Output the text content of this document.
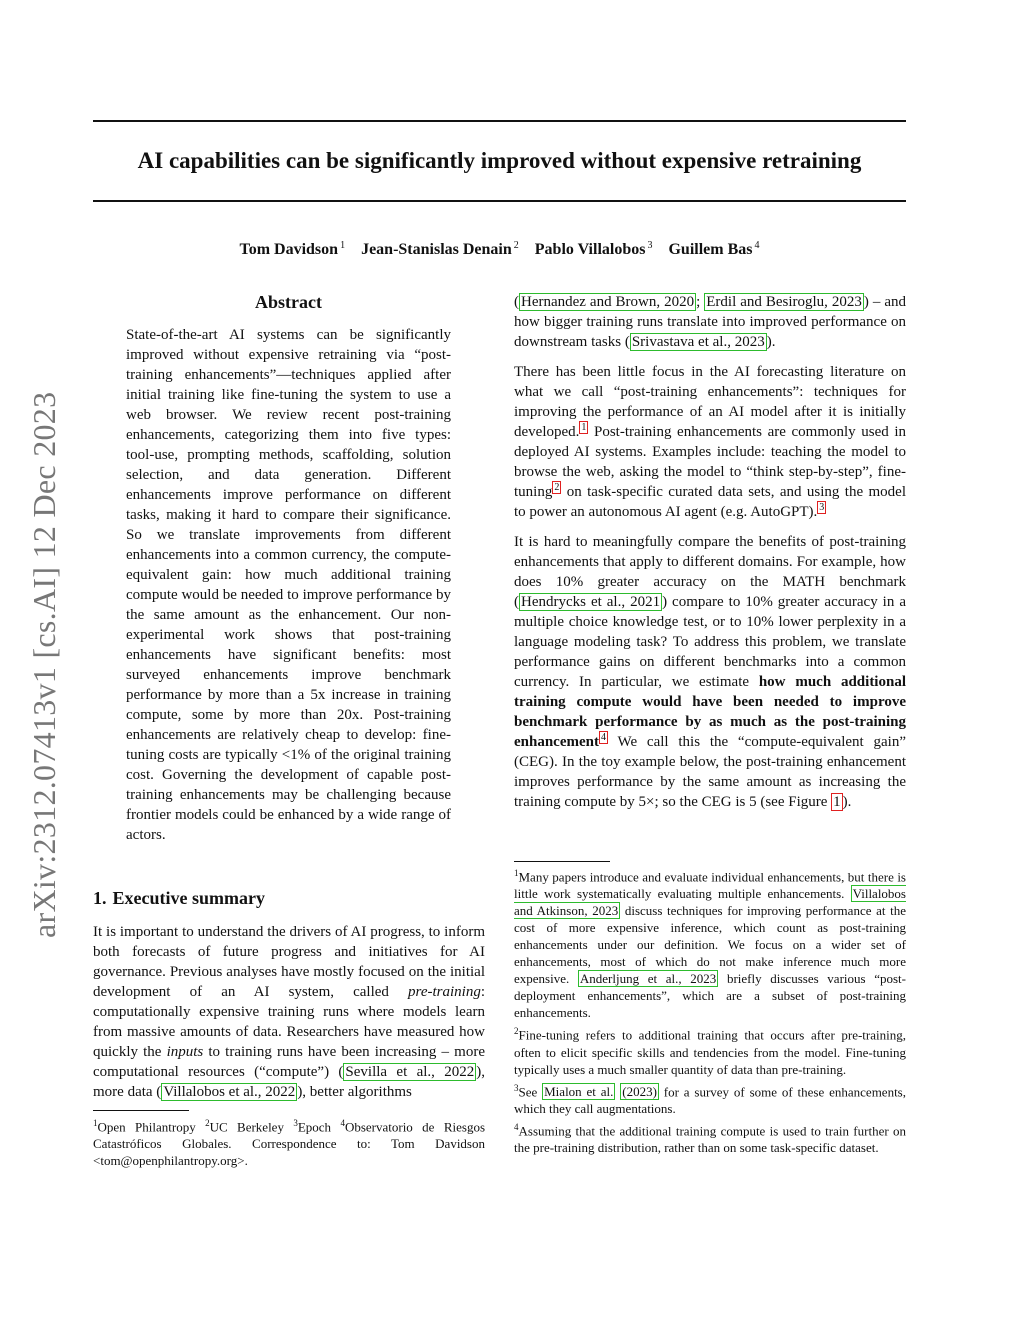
AI capabilities can be significantly improved without expensive retraining
Tom Davidson $^1$ Jean-Stanislas Denain $^2$ Pablo Villalobos $^3$ Guillem Bas $^4$
arXiv:2312.07413v1 [cs.AI] 12 Dec 2023
Abstract

State-of-the-art AI systems can be significantly improved without expensive retraining via “post-training enhancements”—techniques applied after initial training like fine-tuning the system to use a web browser. We review recent post-training enhancements, categorizing them into five types: tool-use, prompting methods, scaffolding, solution selection, and data generation. Different enhancements improve performance on different tasks, making it hard to compare their significance. So we translate improvements from different enhancements into a common currency, the compute-equivalent gain: how much additional training compute would be needed to improve performance by the same amount as the enhancement. Our non-experimental work shows that post-training enhancements have significant benefits: most surveyed enhancements improve benchmark performance by more than a 5x increase in training compute, some by more than 20x. Post-training enhancements are relatively cheap to develop: fine-tuning costs are typically <1% of the original training cost. Governing the development of capable post-training enhancements may be challenging because frontier models could be enhanced by a wide range of actors.

1. Executive summary

It is important to understand the drivers of AI progress, to inform both forecasts of future progress and initiatives for AI governance. Previous analyses have mostly focused on the initial development of an AI system, called pre-training: computationally expensive training runs where models learn from massive amounts of data. Researchers have measured how quickly the inputs to training runs have been increasing – more computational resources (“compute”) ( Sevilla et al., 2022 ), more data ( Villalobos et al., 2022 ), better algorithms

$^1$Open Philantropy $^2$UC Berkeley $^3$Epoch $^4$Observatorio de Riesgos Catastróficos Globales. Correspondence to: Tom Davidson <tom@openphilantropy.org>.

( Hernandez and Brown, 2020 ; Erdil and Besiroglu, 2023 ) – and how bigger training runs translate into improved performance on downstream tasks ( Srivastava et al., 2023 ).

There has been little focus in the AI forecasting literature on what we call “post-training enhancements”: techniques for improving the performance of an AI model after it is initially developed. $^1$ Post-training enhancements are commonly used in deployed AI systems. Examples include: teaching the model to browse the web, asking the model to “think step-by-step”, fine-tuning $^2$ on task-specific curated data sets, and using the model to power an autonomous AI agent (e.g. AutoGPT). $^3$

It is hard to meaningfully compare the benefits of post-training enhancements that apply to different domains. For example, how does 10% greater accuracy on the MATH benchmark ( Hendrycks et al., 2021 ) compare to 10% greater accuracy in a multiple choice knowledge test, or to 10% lower perplexity in a language modeling task? To address this problem, we translate performance gains on different benchmarks into a common currency. In particular, we estimate how much additional training compute would have been needed to improve benchmark performance by as much as the post-training enhancement $^4$ We call this the “compute-equivalent gain” (CEG). In the toy example below, the post-training enhancement improves performance by the same amount as increasing the training compute by 5×; so the CEG is 5 (see Figure 1 ).

$^1$Many papers introduce and evaluate individual enhancements, but there is little work systematically evaluating multiple enhancements. Villalobos and Atkinson, 2023 discuss techniques for improving performance at the cost of more expensive inference, which count as post-training enhancements under our definition. We focus on a wider set of enhancements, most of which do not make inference much more expensive. Anderljung et al., 2023 briefly discusses various “post-deployment enhancements”, which are a subset of post-training enhancements.

$^2$Fine-tuning refers to additional training that occurs after pre-training, often to elicit specific skills and tendencies from the model. Fine-tuning typically uses a much smaller quantity of data than pre-training.

$^3$See Mialon et al. (2023) for a survey of some of these enhancements, which they call augmentations.

$^4$Assuming that the additional training compute is used to train further on the pre-training distribution, rather than on some task-specific dataset.
